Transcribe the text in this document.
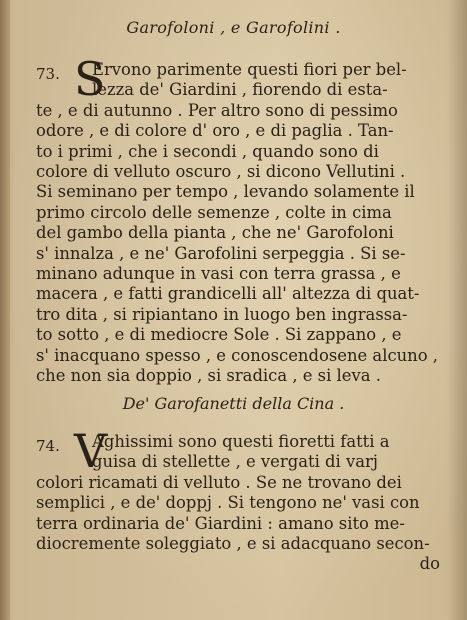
Garofoloni , e Garofolini .
73. S
Ervono parimente questi fiori per bel-
lezza de' Giardini , fiorendo di esta-
te , e di autunno . Per altro sono di pessimo
odore , e di colore d' oro , e di paglia . Tan-
to i primi , che i secondi , quando sono di
colore di velluto oscuro , si dicono Vellutini .
Si seminano per tempo , levando solamente il
primo circolo delle semenze , colte in cima
del gambo della pianta , che ne' Garofoloni
s' innalza , e ne' Garofolini serpeggia . Si se-
minano adunque in vasi con terra grassa , e
macera , e fatti grandicelli all' altezza di quat-
tro dita , si ripiantano in luogo ben ingrassa-
to sotto , e di mediocre Sole . Si zappano , e
s' inacquano spesso , e conoscendosene alcuno ,
che non sia doppio , si sradica , e si leva .
De' Garofanetti della Cina .
74. V
Aghissimi sono questi fioretti fatti a
guisa di stellette , e vergati di varj
colori ricamati di velluto . Se ne trovano dei
semplici , e de' doppj . Si tengono ne' vasi con
terra ordinaria de' Giardini : amano sito me-
diocremente soleggiato , e si adacquano secon-
do
